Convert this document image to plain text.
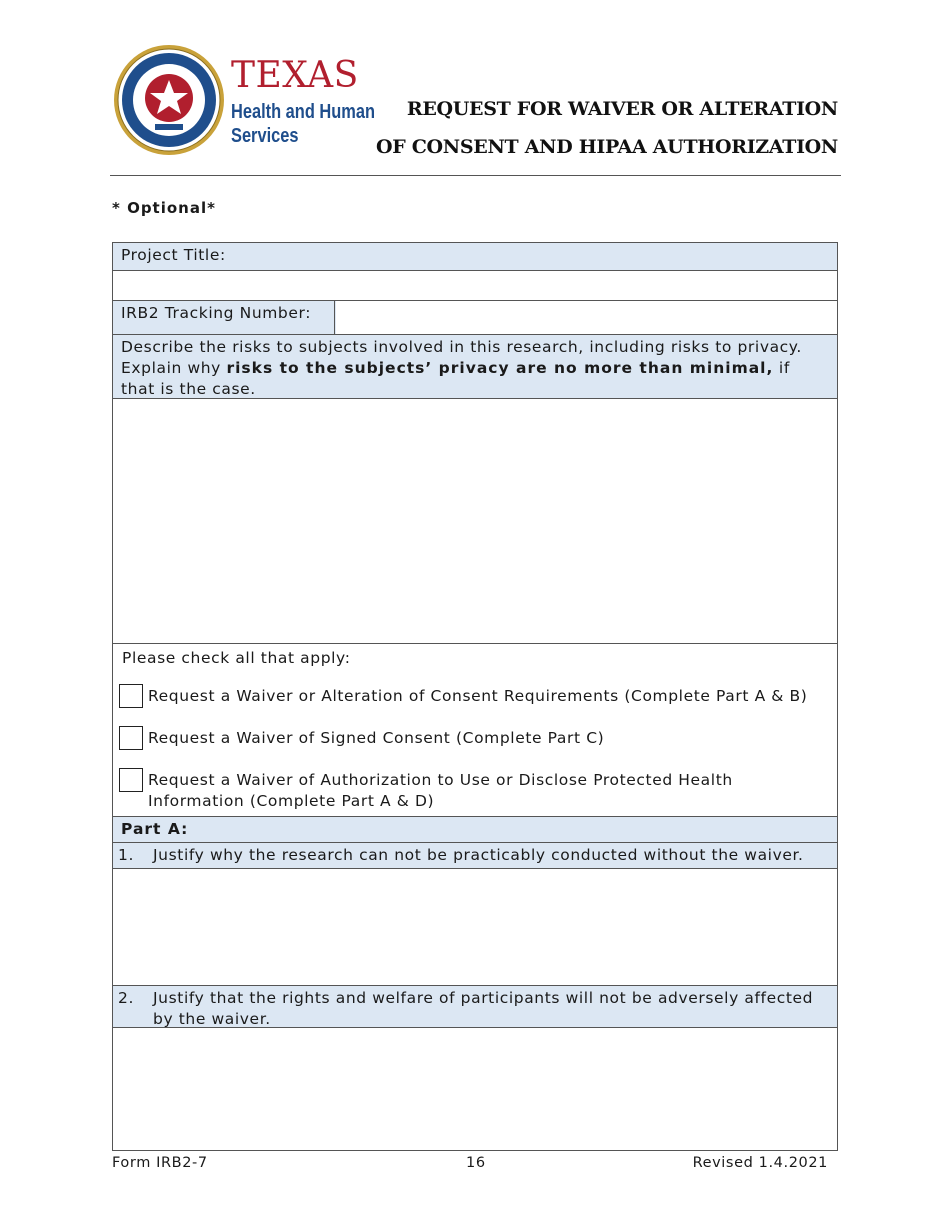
TEXAS
Health and Human
Services
REQUEST FOR WAIVER OR ALTERATION
OF CONSENT AND HIPAA AUTHORIZATION
* Optional*
Project Title:
IRB2 Tracking Number:
Describe the risks to subjects involved in this research, including risks to privacy. Explain why risks to the subjects’ privacy are no more than minimal, if that is the case.
Please check all that apply:
Request a Waiver or Alteration of Consent Requirements (Complete Part A & B)
Request a Waiver of Signed Consent (Complete Part C)
Request a Waiver of Authorization to Use or Disclose Protected Health Information (Complete Part A & D)
Part A:
1. Justify why the research can not be practicably conducted without the waiver.
2. Justify that the rights and welfare of participants will not be adversely affected by the waiver.
Form IRB2-7	16	Revised 1.4.2021
